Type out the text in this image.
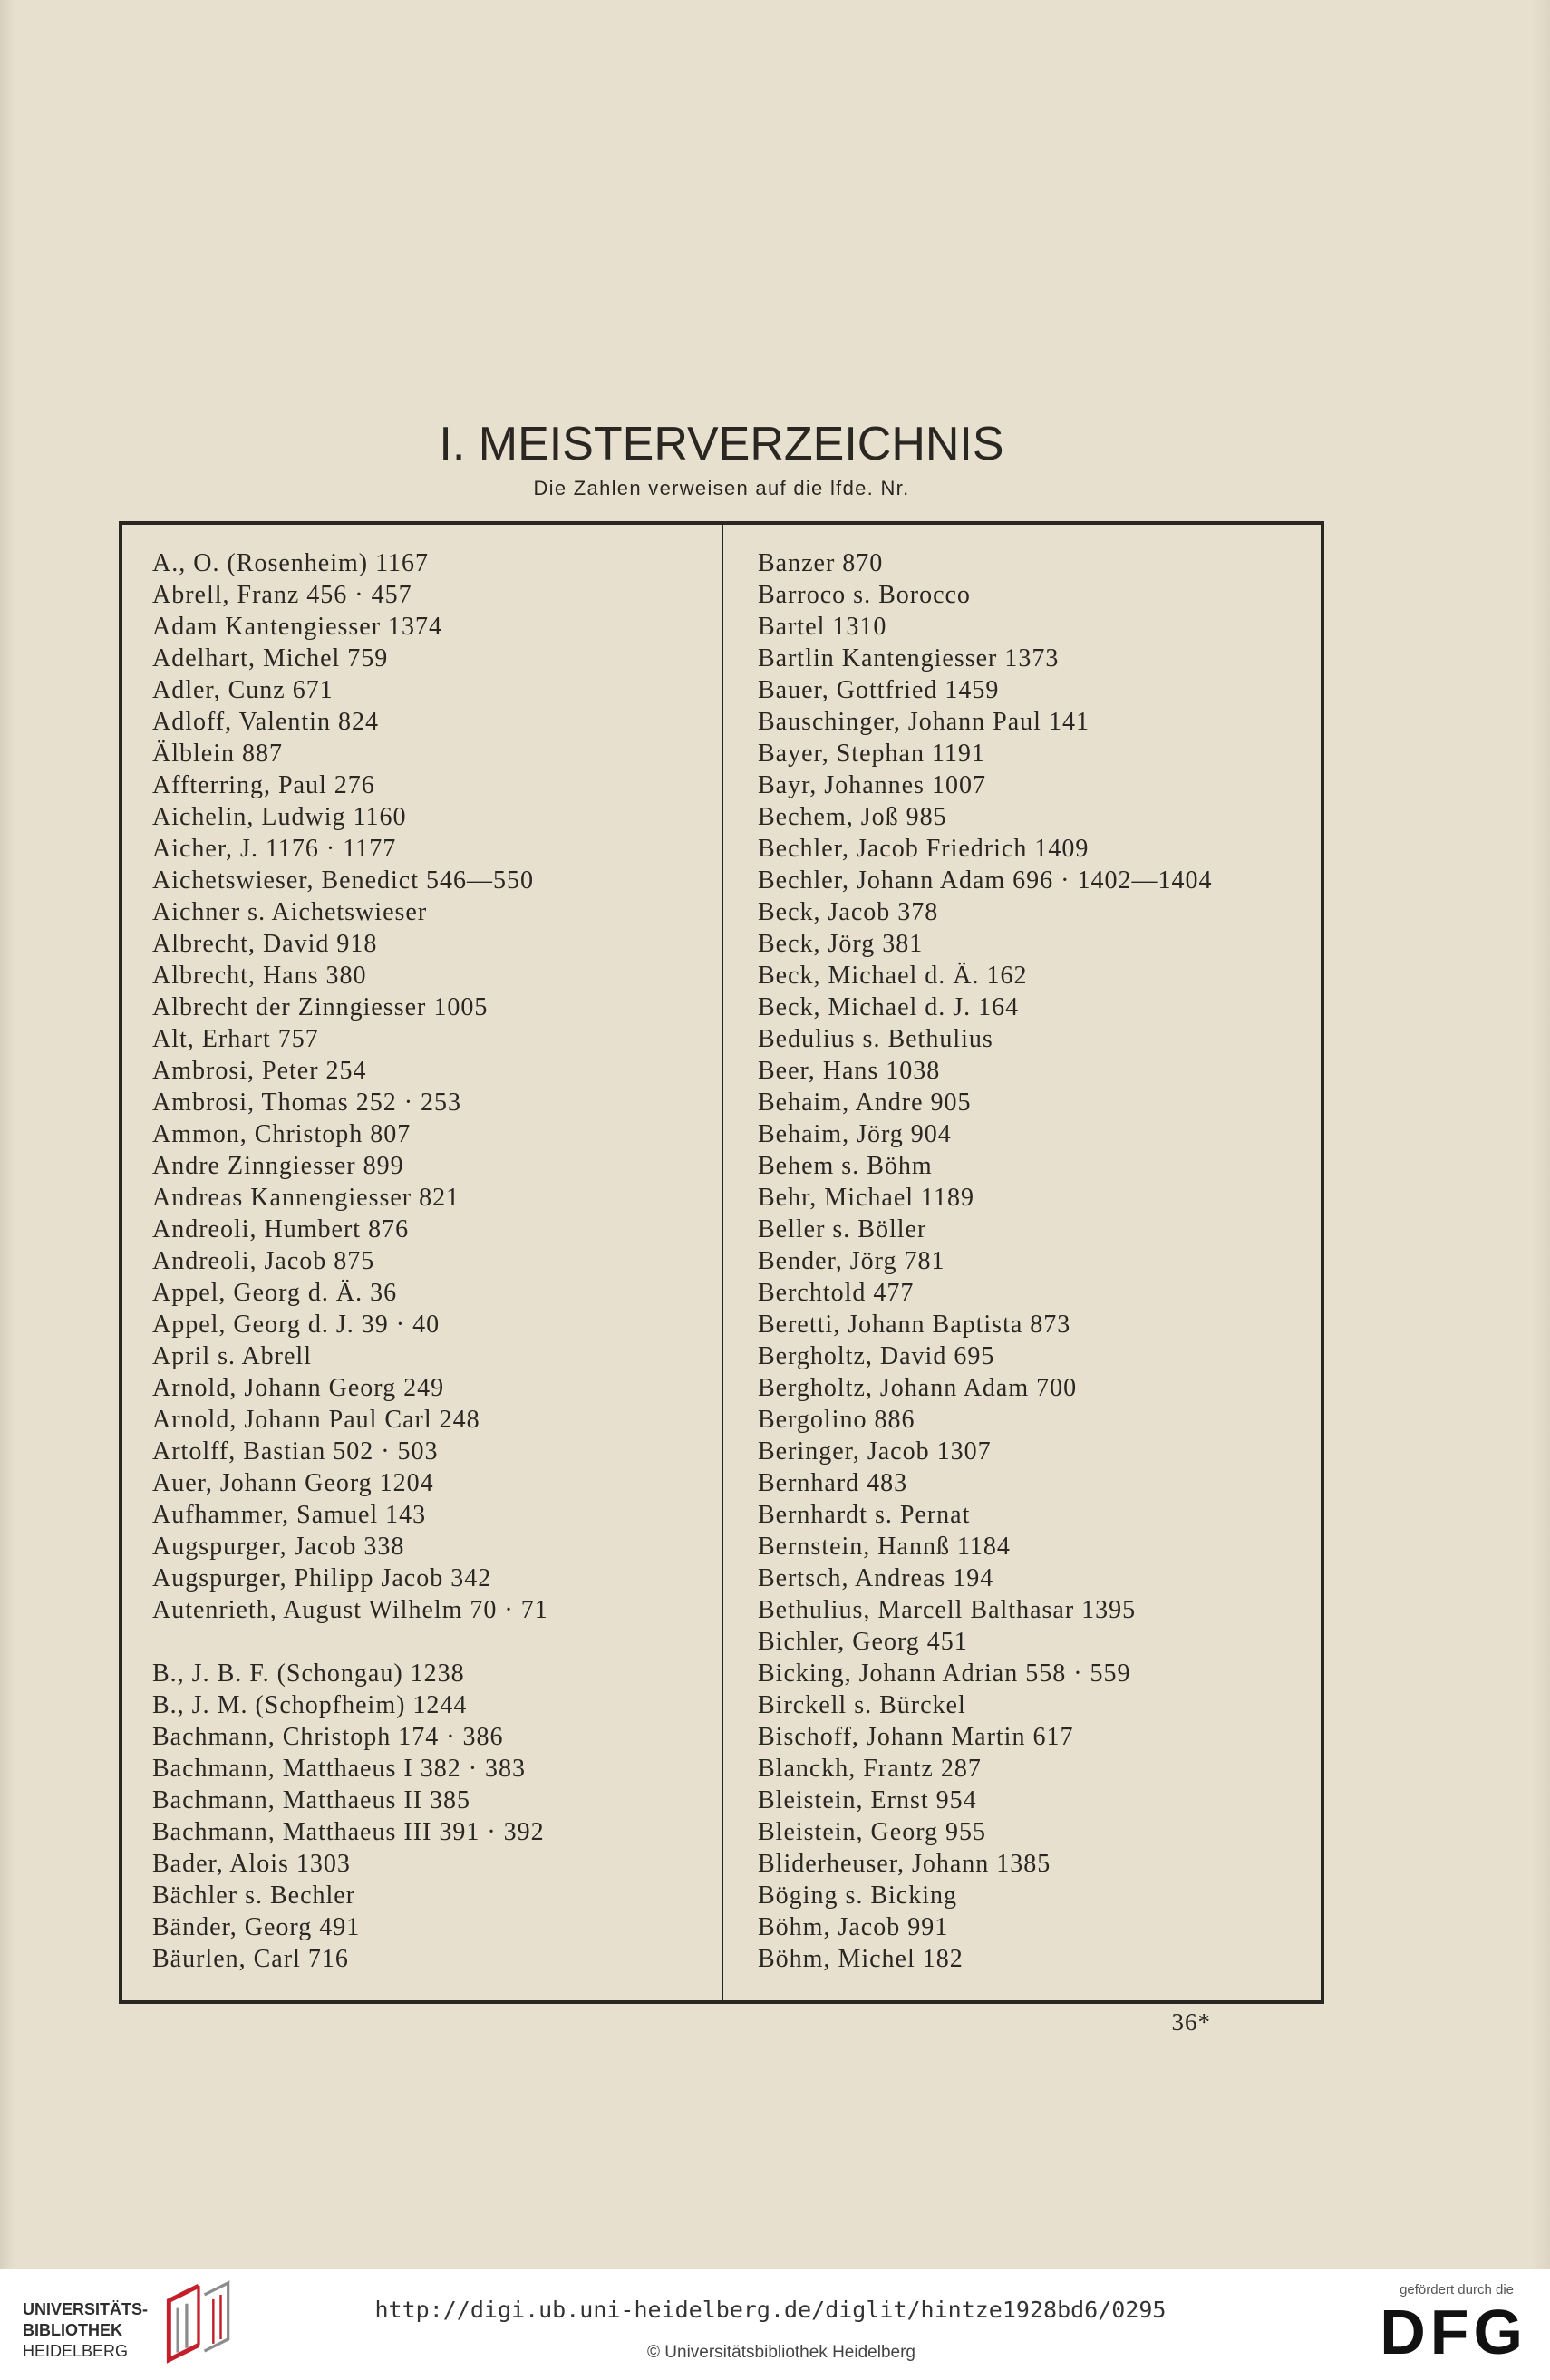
I. MEISTERVERZEICHNIS
Die Zahlen verweisen auf die lfde. Nr.
A., O. (Rosenheim) 1167
Abrell, Franz 456 · 457
Adam Kantengiesser 1374
Adelhart, Michel 759
Adler, Cunz 671
Adloff, Valentin 824
Älblein 887
Affterring, Paul 276
Aichelin, Ludwig 1160
Aicher, J. 1176 · 1177
Aichetswieser, Benedict 546—550
Aichner s. Aichetswieser
Albrecht, David 918
Albrecht, Hans 380
Albrecht der Zinngiesser 1005
Alt, Erhart 757
Ambrosi, Peter 254
Ambrosi, Thomas 252 · 253
Ammon, Christoph 807
Andre Zinngiesser 899
Andreas Kannengiesser 821
Andreoli, Humbert 876
Andreoli, Jacob 875
Appel, Georg d. Ä. 36
Appel, Georg d. J. 39 · 40
April s. Abrell
Arnold, Johann Georg 249
Arnold, Johann Paul Carl 248
Artolff, Bastian 502 · 503
Auer, Johann Georg 1204
Aufhammer, Samuel 143
Augspurger, Jacob 338
Augspurger, Philipp Jacob 342
Autenrieth, August Wilhelm 70 · 71
B., J. B. F. (Schongau) 1238
B., J. M. (Schopfheim) 1244
Bachmann, Christoph 174 · 386
Bachmann, Matthaeus I 382 · 383
Bachmann, Matthaeus II 385
Bachmann, Matthaeus III 391 · 392
Bader, Alois 1303
Bächler s. Bechler
Bänder, Georg 491
Bäurlen, Carl 716
Banzer 870
Barroco s. Borocco
Bartel 1310
Bartlin Kantengiesser 1373
Bauer, Gottfried 1459
Bauschinger, Johann Paul 141
Bayer, Stephan 1191
Bayr, Johannes 1007
Bechem, Joß 985
Bechler, Jacob Friedrich 1409
Bechler, Johann Adam 696 · 1402—1404
Beck, Jacob 378
Beck, Jörg 381
Beck, Michael d. Ä. 162
Beck, Michael d. J. 164
Bedulius s. Bethulius
Beer, Hans 1038
Behaim, Andre 905
Behaim, Jörg 904
Behem s. Böhm
Behr, Michael 1189
Beller s. Böller
Bender, Jörg 781
Berchtold 477
Beretti, Johann Baptista 873
Bergholtz, David 695
Bergholtz, Johann Adam 700
Bergolino 886
Beringer, Jacob 1307
Bernhard 483
Bernhardt s. Pernat
Bernstein, Hannß 1184
Bertsch, Andreas 194
Bethulius, Marcell Balthasar 1395
Bichler, Georg 451
Bicking, Johann Adrian 558 · 559
Birckell s. Bürckel
Bischoff, Johann Martin 617
Blanckh, Frantz 287
Bleistein, Ernst 954
Bleistein, Georg 955
Bliderheuser, Johann 1385
Böging s. Bicking
Böhm, Jacob 991
Böhm, Michel 182
36*
UNIVERSITÄTS-
BIBLIOTHEK
HEIDELBERG
http://digi.ub.uni-heidelberg.de/diglit/hintze1928bd6/0295
© Universitätsbibliothek Heidelberg
gefördert durch die
DFG
